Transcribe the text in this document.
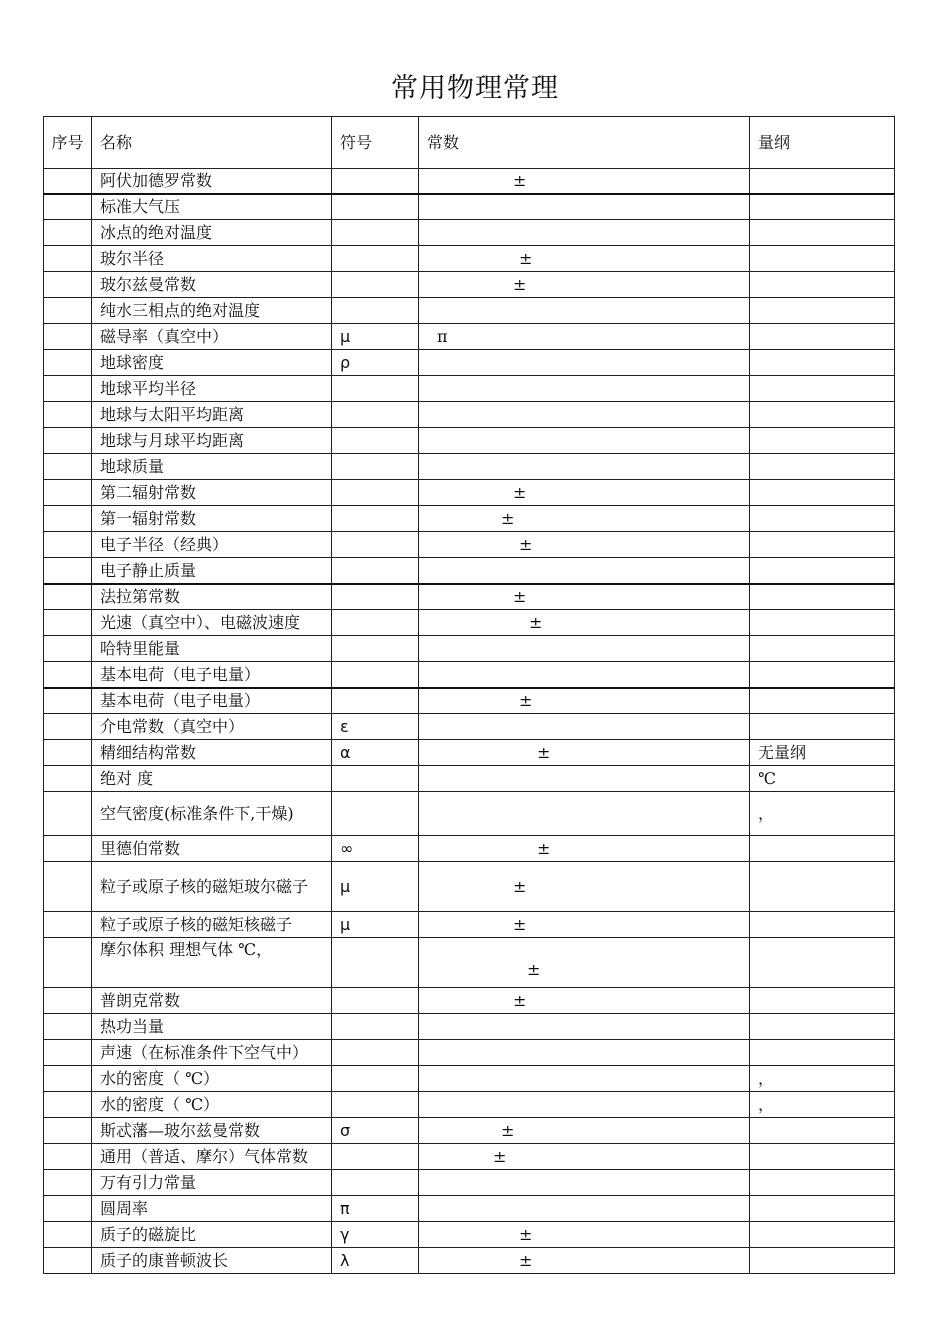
常用物理常理
序号	名称	符号	常数	量纲
	阿伏加德罗常数		±	
	标准大气压			
	冰点的绝对温度			
	玻尔半径		±	
	玻尔兹曼常数		±	
	纯水三相点的绝对温度			
	磁导率（真空中）	μ	π	
	地球密度	ρ		
	地球平均半径			
	地球与太阳平均距离			
	地球与月球平均距离			
	地球质量			
	第二辐射常数		±	
	第一辐射常数		±	
	电子半径（经典）		±	
	电子静止质量			
	法拉第常数		±	
	光速（真空中）、电磁波速度		±	
	哈特里能量			
	基本电荷（电子电量）			
	基本电荷（电子电量）		±	
	介电常数（真空中）	ε		
	精细结构常数	α	±	无量纲
	绝对 度			℃
	空气密度(标准条件下,干燥)			，
	里德伯常数	∞	±	
	粒子或原子核的磁矩玻尔磁子	μ	±	
	粒子或原子核的磁矩核磁子	μ	±	
	摩尔体积 理想气体 ℃，		±	
	普朗克常数		±	
	热功当量			
	声速（在标准条件下空气中）			
	水的密度（ ℃）			，
	水的密度（ ℃）			，
	斯忒藩—玻尔兹曼常数	σ	±	
	通用（普适、摩尔）气体常数		±	
	万有引力常量			
	圆周率	π		
	质子的磁旋比	γ	±	
	质子的康普顿波长	λ	±	
